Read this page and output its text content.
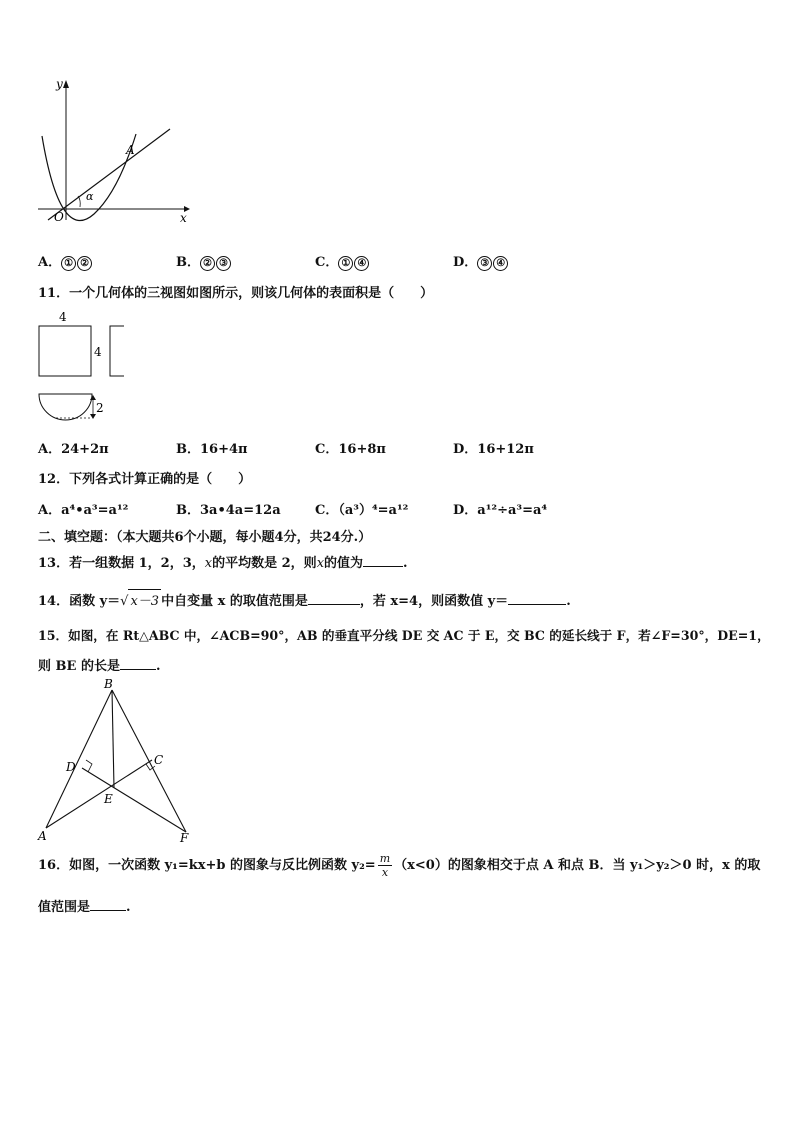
y
x
O
A
α
A． ① ②	B． ② ③	C． ① ④	D． ③ ④
11．一个几何体的三视图如图所示，则该几何体的表面积是（　　）
4
4
2
A．24+2π	B．16+4π	C．16+8π	D．16+12π
12．下列各式计算正确的是（　　）
A．a⁴•a³=a¹²	B．3a•4a=12a	C．（a³）⁴=a¹²	D．a¹²÷a³=a⁴
二、填空题：（本大题共6个小题，每小题4分，共24分.）
13．若一组数据 1，2，3，x的平均数是 2，则x的值为	.
14．函数 y＝√ x－3 中自变量 x 的取值范围是	，若 x=4，则函数值 y＝	.
15．如图，在 Rt△ABC 中，∠ACB=90°，AB 的垂直平分线 DE 交 AC 于 E，交 BC 的延长线于 F，若∠F=30°，DE=1，
则 BE 的长是	.
B
D	C
E
A	F
16．如图，一次函数 y₁=kx+b 的图象与反比例函数 $y_2= \frac{m}{x} (x<0)$的图象相交于点 A 和点 B．当 y₁＞y₂＞0 时，x 的取
值范围是	.
